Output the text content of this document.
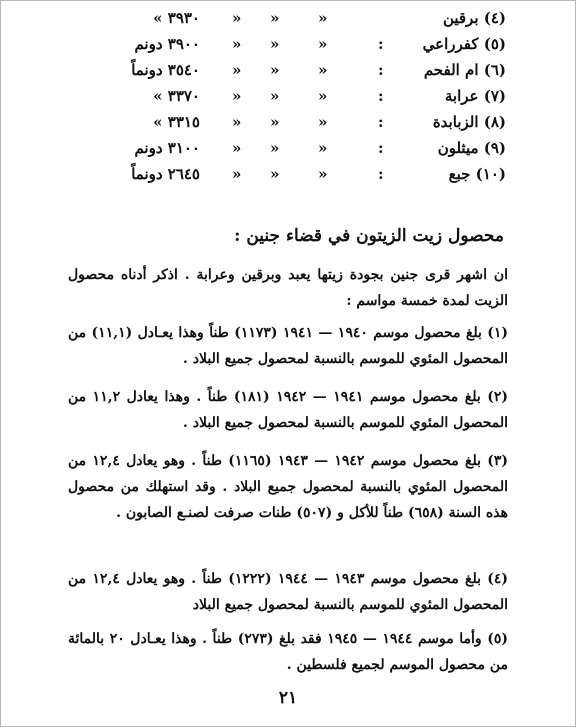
(٤) برقين
»
»
»
٣٩٣٠ »
(٥) كفرراعي
:
»
»
»
٣٩٠٠ دونم
(٦) ام الفحم
:
»
»
»
٣٥٤٠ دونماً
(٧) عرابة
:
»
»
»
٣٣٧٠ »
(٨) الزبابدة
:
»
»
»
٣٣١٥ »
(٩) ميثلون
:
»
»
»
٣١٠٠ دونم
(١٠) جبع
:
»
»
»
٢٦٤٥ دونماً
محصول زيت الزيتون في قضاء جنين :
ان اشهر قرى جنين بجودة زيتها يعبد وبرقين وعرابة . اذكر أدناه محصول الزيت لمدة خمسة مواسم :
(١) بلغ محصول موسم ١٩٤٠ — ١٩٤١ (١١٧٣) طناً وهذا يعـادل (١١,١) من المحصول المئوي للموسم بالنسبة لمحصول جميع البلاد .
(٢) بلغ محصول موسم ١٩٤١ — ١٩٤٢ (١٨١) طناً . وهذا يعادل ١١,٢ من المحصول المئوي للموسم بالنسبة لمحصول جميع البلاد .
(٣) بلغ محصول موسم ١٩٤٢ — ١٩٤٣ (١١٦٥) طناً . وهو يعادل ١٢,٤ من المحصول المئوي بالنسبة لمحصول جميع البلاد . وقد استهلك من محصول هذه السنة (٦٥٨) طناً للأكل و (٥٠٧) طنات صرفت لصنـع الصابون .
(٤) بلغ محصول موسم ١٩٤٣ — ١٩٤٤ (١٢٢٢) طناً . وهو يعادل ١٢,٤ من المحصول المئوي للموسم بالنسبة لمحصول جميع البلاد
(٥) وأما موسم ١٩٤٤ — ١٩٤٥ فقد بلغ (٢٧٣) طناً . وهذا يعـادل ٢٠ بالمائة من محصول الموسم لجميع فلسطين .
٢١
